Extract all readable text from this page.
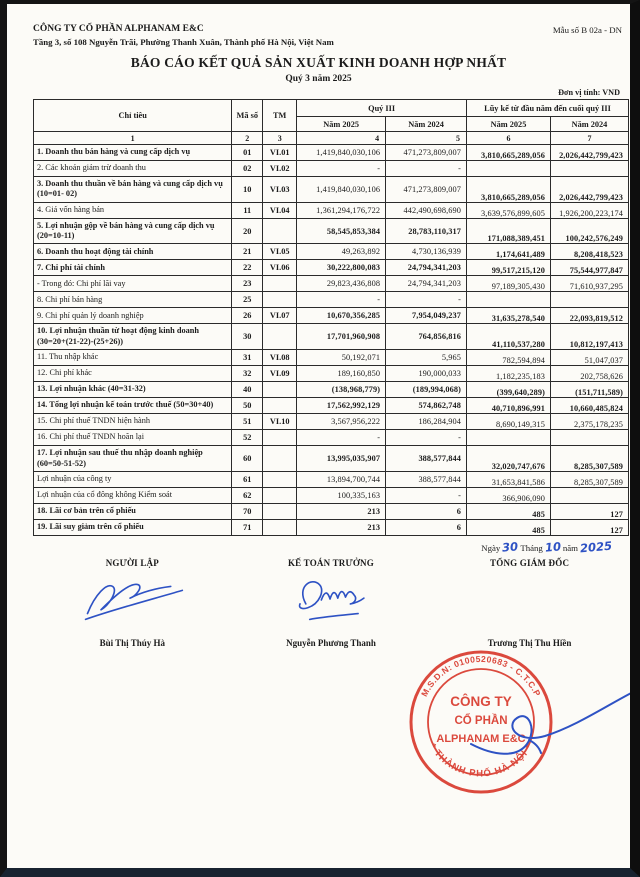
CÔNG TY CỔ PHẦN ALPHANAM E&C
Tầng 3, số 108 Nguyễn Trãi, Phường Thanh Xuân, Thành phố Hà Nội, Việt Nam
Mẫu số B 02a - DN
BÁO CÁO KẾT QUẢ SẢN XUẤT KINH DOANH HỢP NHẤT
Quý 3 năm 2025
Đơn vị tính: VND
Chỉ tiêu	Mã số	TM	Quý III		Lũy kế từ đầu năm đến cuối quý III	
			Năm 2025	Năm 2024	Năm 2025	Năm 2024
1	2	3	4	5	6	7
1. Doanh thu bán hàng và cung cấp dịch vụ	01	VI.01	1,419,840,030,106	471,273,809,007	3,810,665,289,056	2,026,442,799,423
2. Các khoản giảm trừ doanh thu	02	VI.02	-	-		
3. Doanh thu thuần về bán hàng và cung cấp dịch vụ (10=01- 02)	10	VI.03	1,419,840,030,106	471,273,809,007	3,810,665,289,056	2,026,442,799,423
4. Giá vốn hàng bán	11	VI.04	1,361,294,176,722	442,490,698,690	3,639,576,899,605	1,926,200,223,174
5. Lợi nhuận gộp về bán hàng và cung cấp dịch vụ (20=10-11)	20		58,545,853,384	28,783,110,317	171,088,389,451	100,242,576,249
6. Doanh thu hoạt động tài chính	21	VI.05	49,263,892	4,730,136,939	1,174,641,489	8,208,418,523
7. Chi phí tài chính	22	VI.06	30,222,800,083	24,794,341,203	99,517,215,120	75,544,977,847
- Trong đó: Chi phí lãi vay	23		29,823,436,808	24,794,341,203	97,189,305,430	71,610,937,295
8. Chi phí bán hàng	25		-	-		
9. Chi phí quản lý doanh nghiệp	26	VI.07	10,670,356,285	7,954,049,237	31,635,278,540	22,093,819,512
10. Lợi nhuận thuần từ hoạt động kinh doanh (30=20+(21-22)-(25+26))	30		17,701,960,908	764,856,816	41,110,537,280	10,812,197,413
11. Thu nhập khác	31	VI.08	50,192,071	5,965	782,594,894	51,047,037
12. Chi phí khác	32	VI.09	189,160,850	190,000,033	1,182,235,183	202,758,626
13. Lợi nhuận khác (40=31-32)	40		(138,968,779)	(189,994,068)	(399,640,289)	(151,711,589)
14. Tổng lợi nhuận kế toán trước thuế (50=30+40)	50		17,562,992,129	574,862,748	40,710,896,991	10,660,485,824
15. Chi phí thuế TNDN hiện hành	51	VI.10	3,567,956,222	186,284,904	8,690,149,315	2,375,178,235
16. Chi phí thuế TNDN hoãn lại	52		-	-		
17. Lợi nhuận sau thuế thu nhập doanh nghiệp (60=50-51-52)	60		13,995,035,907	388,577,844	32,020,747,676	8,285,307,589
Lợi nhuận của công ty	61		13,894,700,744	388,577,844	31,653,841,586	8,285,307,589
Lợi nhuận của cổ đông không Kiểm soát	62		100,335,163	-	366,906,090	
18. Lãi cơ bản trên cổ phiếu	70		213	6	485	127
19. Lãi suy giảm trên cổ phiếu	71		213	6	485	127
Ngày30Tháng10năm2025
NGƯỜI LẬP
Bùi Thị Thúy Hà
KẾ TOÁN TRƯỞNG
Nguyễn Phương Thanh
TỔNG GIÁM ĐỐC
Trương Thị Thu Hiền
M.S.D.N: 0100520683 - C.T.C.P
* THÀNH PHỐ HÀ NỘI *
CÔNG TY
CỔ PHẦN
ALPHANAM E&C
